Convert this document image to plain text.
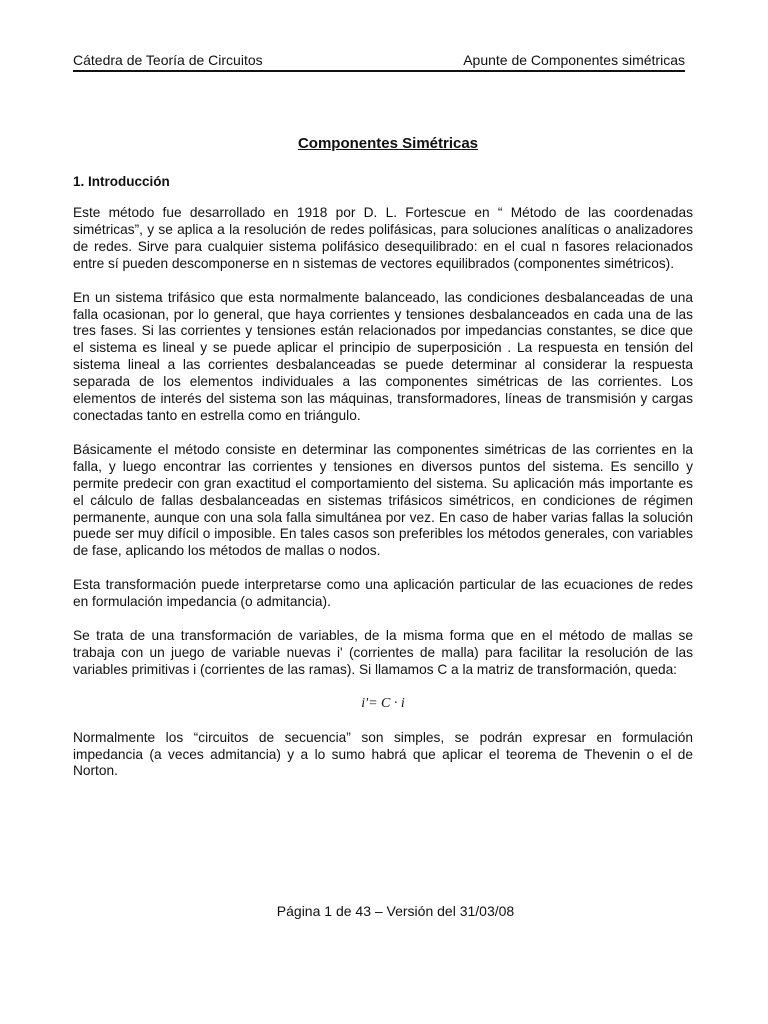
Cátedra de Teoría de Circuitos	Apunte de Componentes simétricas
Componentes Simétricas
1. Introducción

Este método fue desarrollado en 1918 por D. L. Fortescue en “ Método de las coordenadas simétricas”, y se aplica a la resolución de redes polifásicas, para soluciones analíticas o analizadores de redes. Sirve para cualquier sistema polifásico desequilibrado: en el cual n fasores relacionados entre sí pueden descomponerse en n sistemas de vectores equilibrados (componentes simétricos).

En un sistema trifásico que esta normalmente balanceado, las condiciones desbalanceadas de una falla ocasionan, por lo general, que haya corrientes y tensiones desbalanceados en cada una de las tres fases. Si las corrientes y tensiones están relacionados por impedancias constantes, se dice que el sistema es lineal y se puede aplicar el principio de superposición . La respuesta en tensión del sistema lineal a las corrientes desbalanceadas se puede determinar al considerar la respuesta separada de los elementos individuales a las componentes simétricas de las corrientes. Los elementos de interés del sistema son las máquinas, transformadores, líneas de transmisión y cargas conectadas tanto en estrella como en triángulo.

Básicamente el método consiste en determinar las componentes simétricas de las corrientes en la falla, y luego encontrar las corrientes y tensiones en diversos puntos del sistema. Es sencillo y permite predecir con gran exactitud el comportamiento del sistema. Su aplicación más importante es el cálculo de fallas desbalanceadas en sistemas trifásicos simétricos, en condiciones de régimen permanente, aunque con una sola falla simultánea por vez. En caso de haber varias fallas la solución puede ser muy difícil o imposible. En tales casos son preferibles los métodos generales, con variables de fase, aplicando los métodos de mallas o nodos.

Esta transformación puede interpretarse como una aplicación particular de las ecuaciones de redes en formulación impedancia (o admitancia).

Se trata de una transformación de variables, de la misma forma que en el método de mallas se trabaja con un juego de variable nuevas i' (corrientes de malla) para facilitar la resolución de las variables primitivas i (corrientes de las ramas). Si llamamos C a la matriz de transformación, queda:

i'= C · i

Normalmente los “circuitos de secuencia” son simples, se podrán expresar en formulación impedancia (a veces admitancia) y a lo sumo habrá que aplicar el teorema de Thevenin o el de Norton.

Página 1 de 43 – Versión del 31/03/08
